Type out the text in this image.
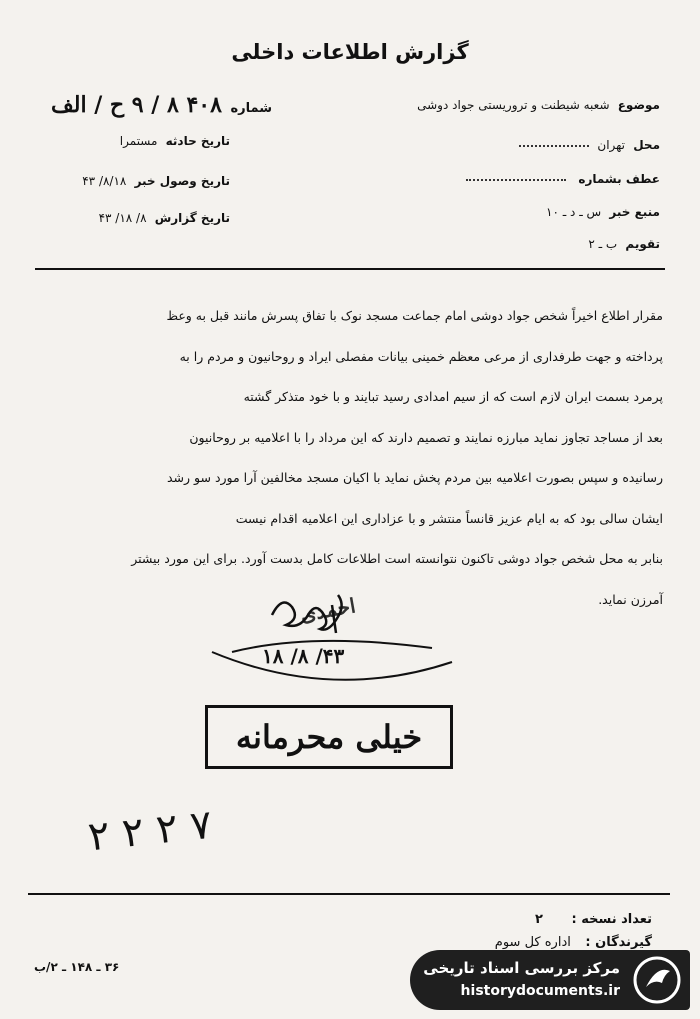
گزارش اطلاعات داخلی
شماره ۴۰۸ ۸ / ۹ ح / الف
تاریخ حادثه مستمرا
تاریخ وصول خبر ۸/۱۸/ ۴۳
تاریخ گزارش ۸/ ۱۸/ ۴۳
موضوع شعبه شیطنت و تروریستی جواد دوشی
محل تهران
عطف بشماره
منبع خبر س ـ د ـ ۱۰
تقویم ب ـ ۲
مقرار اطلاع اخیراً شخص جواد دوشی امام جماعت مسجد نوک با تفاق پسرش مانند قبل به وعظ
پرداخته و جهت طرفداری از مرعی معظم خمینی بیانات مفصلی ایراد و روحانیون و مردم را به
پرمرد بسمت ایران لازم است که از سیم امدادی رسید تبایند و با خود متذکر گشته
بعد از مساجد تجاوز نماید مبارزه نمایند و تصمیم دارند که این مرداد را با اعلامیه بر روحانیون
رسانیده و سپس بصورت اعلامیه بین مردم پخش نماید با اکیان مسجد مخالفین آرا مورد سو رشد
ایشان سالی بود که به ایام عزیز قانساً منتشر و با عزاداری این اعلامیه اقدام نیست
بنابر به محل شخص جواد دوشی تاکنون نتوانسته است اطلاعات کامل بدست آورد. برای این مورد بیشتر
آمرزن نماید.
احمدی
۴۳/ ۸/ ۱۸
خیلی محرمانه
۲ ۲ ۲ ۷
تعداد نسخه : ۲
گیرندگان : اداره کل سوم
۳۶ ـ ۱۴۸ ـ ۲/ب	مرکز بررسی اسناد تاریخی
historydocuments.ir
